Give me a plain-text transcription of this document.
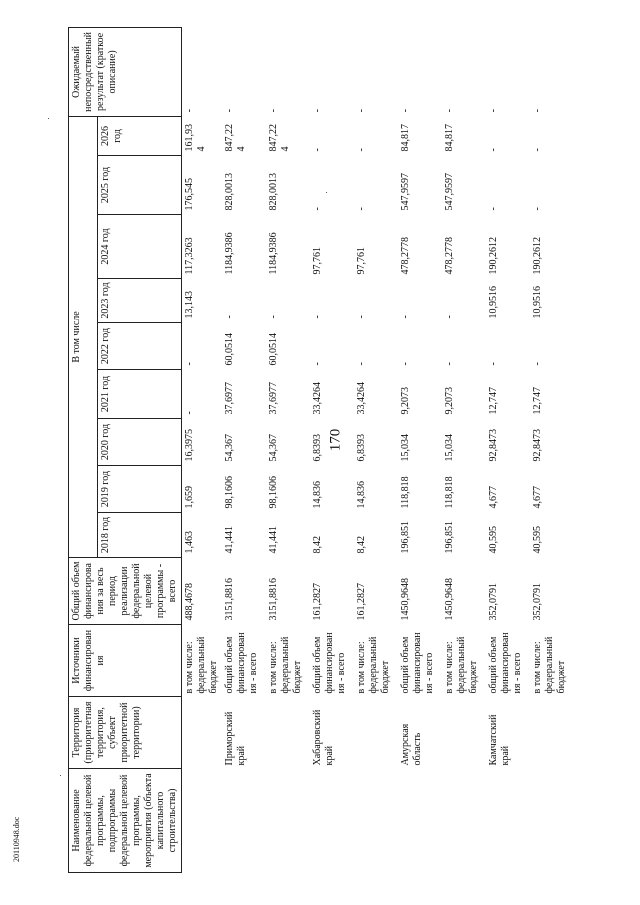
170
Наименование федеральной целевой программы, подпрограммы федеральной целевой программы, мероприятия (объекта капитального строительства)	Территория (приоритетная территория, субъект приоритетной территории)	Источники финансирования	Общий объем финансирования за весь период реализации федеральной целевой программы - всего	В том числе									Ожидаемый непосредственный результат (краткое описание)
				2018 год	2019 год	2020 год	2021 год	2022 год	2023 год	2024 год	2025 год	2026 год	
		в том числе: федеральный бюджет	488,4678	1,463	1,659	16,3975	-	-	13,143	117,3263	176,545	161,934	-
	Приморский край	общий объем финансирования - всего	3151,8816	41,441	98,1606	54,367	37,6977	60,0514	-	1184,9386	828,0013	847,224	-
		в том числе: федеральный бюджет	3151,8816	41,441	98,1606	54,367	37,6977	60,0514	-	1184,9386	828,0013	847,224	-
	Хабаровский край	общий объем финансирования - всего	161,2827	8,42	14,836	6,8393	33,4264	-	-	97,761	-	-	-
		в том числе: федеральный бюджет	161,2827	8,42	14,836	6,8393	33,4264	-	-	97,761	-	-	-
	Амурская область	общий объем финансирования - всего	1450,9648	196,851	118,818	15,034	9,2073	-	-	478,2778	547,9597	84,817	-
		в том числе: федеральный бюджет	1450,9648	196,851	118,818	15,034	9,2073	-	-	478,2778	547,9597	84,817	-
	Камчатский край	общий объем финансирования - всего	352,0791	40,595	4,677	92,8473	12,747	-	10,9516	190,2612	-	-	-
		в том числе: федеральный бюджет	352,0791	40,595	4,677	92,8473	12,747	-	10,9516	190,2612	-	-	-
20110948.doc
